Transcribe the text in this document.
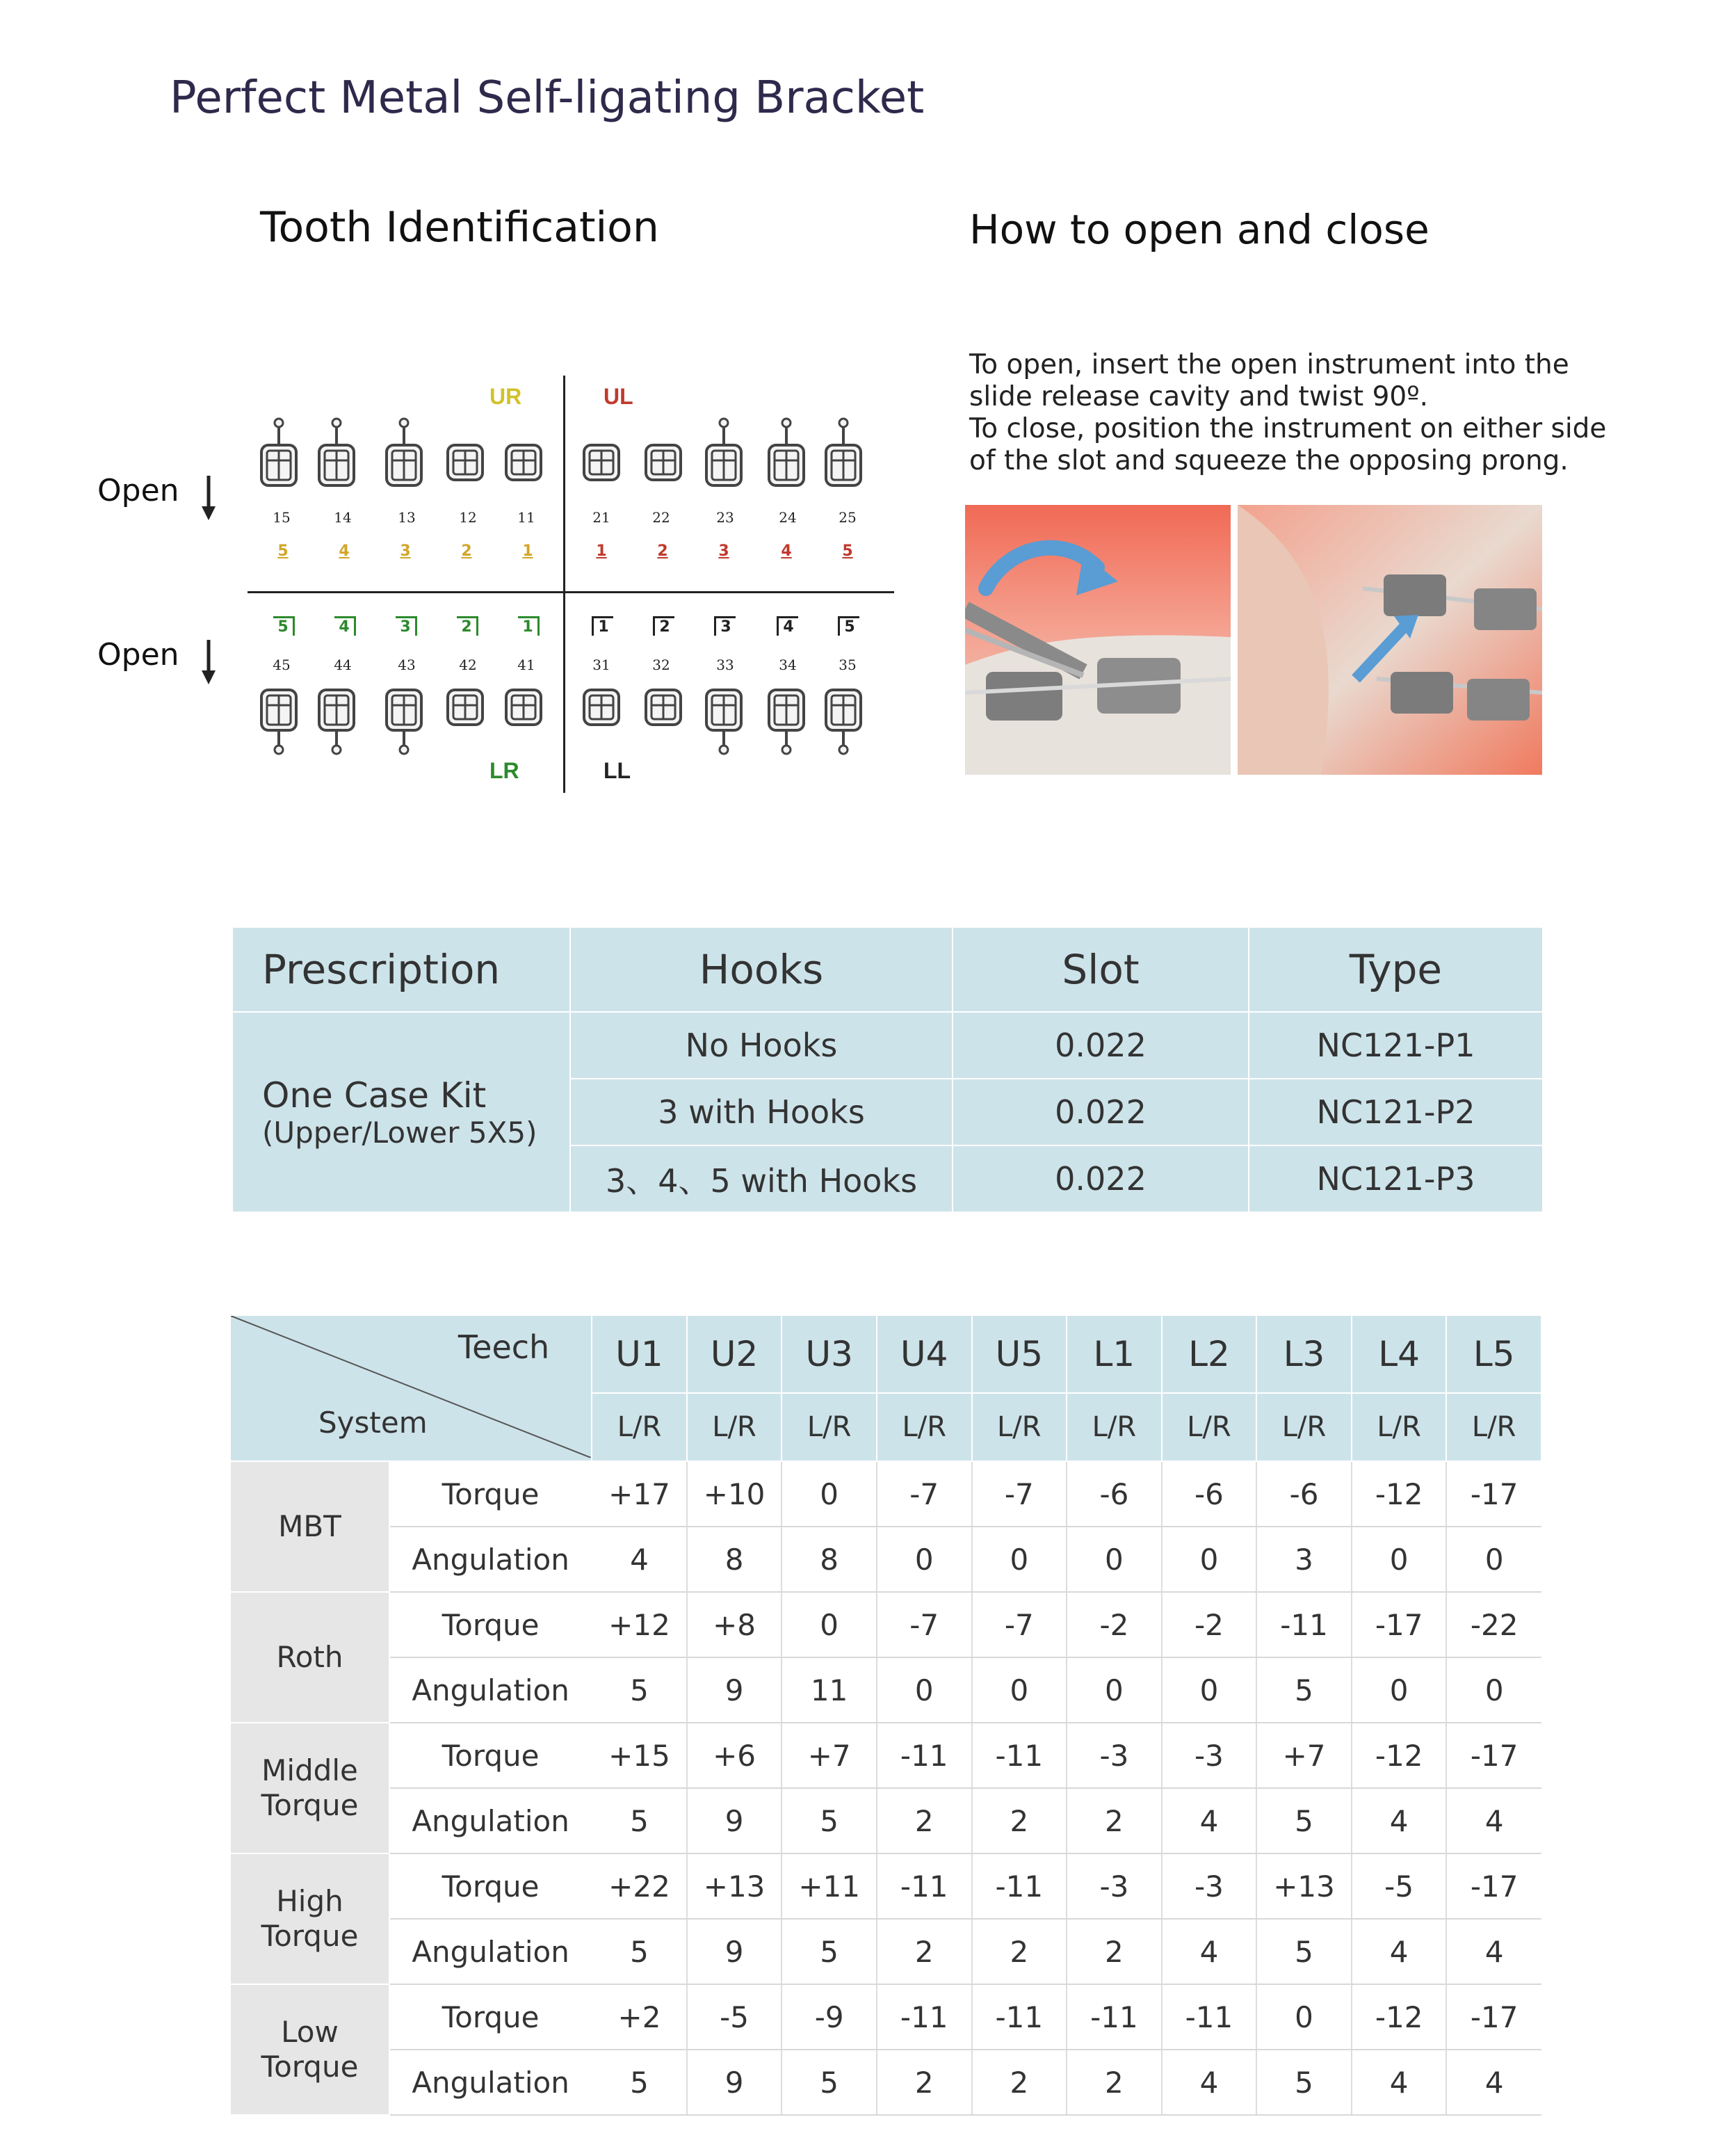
Perfect Metal Self-ligating Bracket
Tooth Identification	How to open and close
To open, insert the open instrument into the
slide release cavity and twist 90º.
To close, position the instrument on either side
of the slot and squeeze the opposing prong.
UR	UL
LR	LL
Open
Open
15	14	13	12	11	21	22	23	24	25
5	4	3	2	1	1	2	3	4	5
5	4	3	2	1	1	2	3	4	5
45	44	43	42	41	31	32	33	34	35
Prescription	Hooks	Slot	Type

One Case Kit
(Upper/Lower 5X5)	No Hooks	0.022	NC121-P1
	3 with Hooks	0.022	NC121-P2
	3、4、5 with Hooks	0.022	NC121-P3
Teech
System		U1	U2	U3	U4	U5	L1	L2	L3	L4	L5
		L/R	L/R	L/R	L/R	L/R	L/R	L/R	L/R	L/R	L/R

MBT	Torque	+17	+10	0	-7	-7	-6	-6	-6	-12	-17
	Angulation	4	8	8	0	0	0	0	3	0	0

Roth	Torque	+12	+8	0	-7	-7	-2	-2	-11	-17	-22
	Angulation	5	9	11	0	0	0	0	5	0	0

Middle
Torque	Torque	+15	+6	+7	-11	-11	-3	-3	+7	-12	-17
	Angulation	5	9	5	2	2	2	4	5	4	4

High
Torque	Torque	+22	+13	+11	-11	-11	-3	-3	+13	-5	-17
	Angulation	5	9	5	2	2	2	4	5	4	4

Low
Torque	Torque	+2	-5	-9	-11	-11	-11	-11	0	-12	-17
	Angulation	5	9	5	2	2	2	4	5	4	4
